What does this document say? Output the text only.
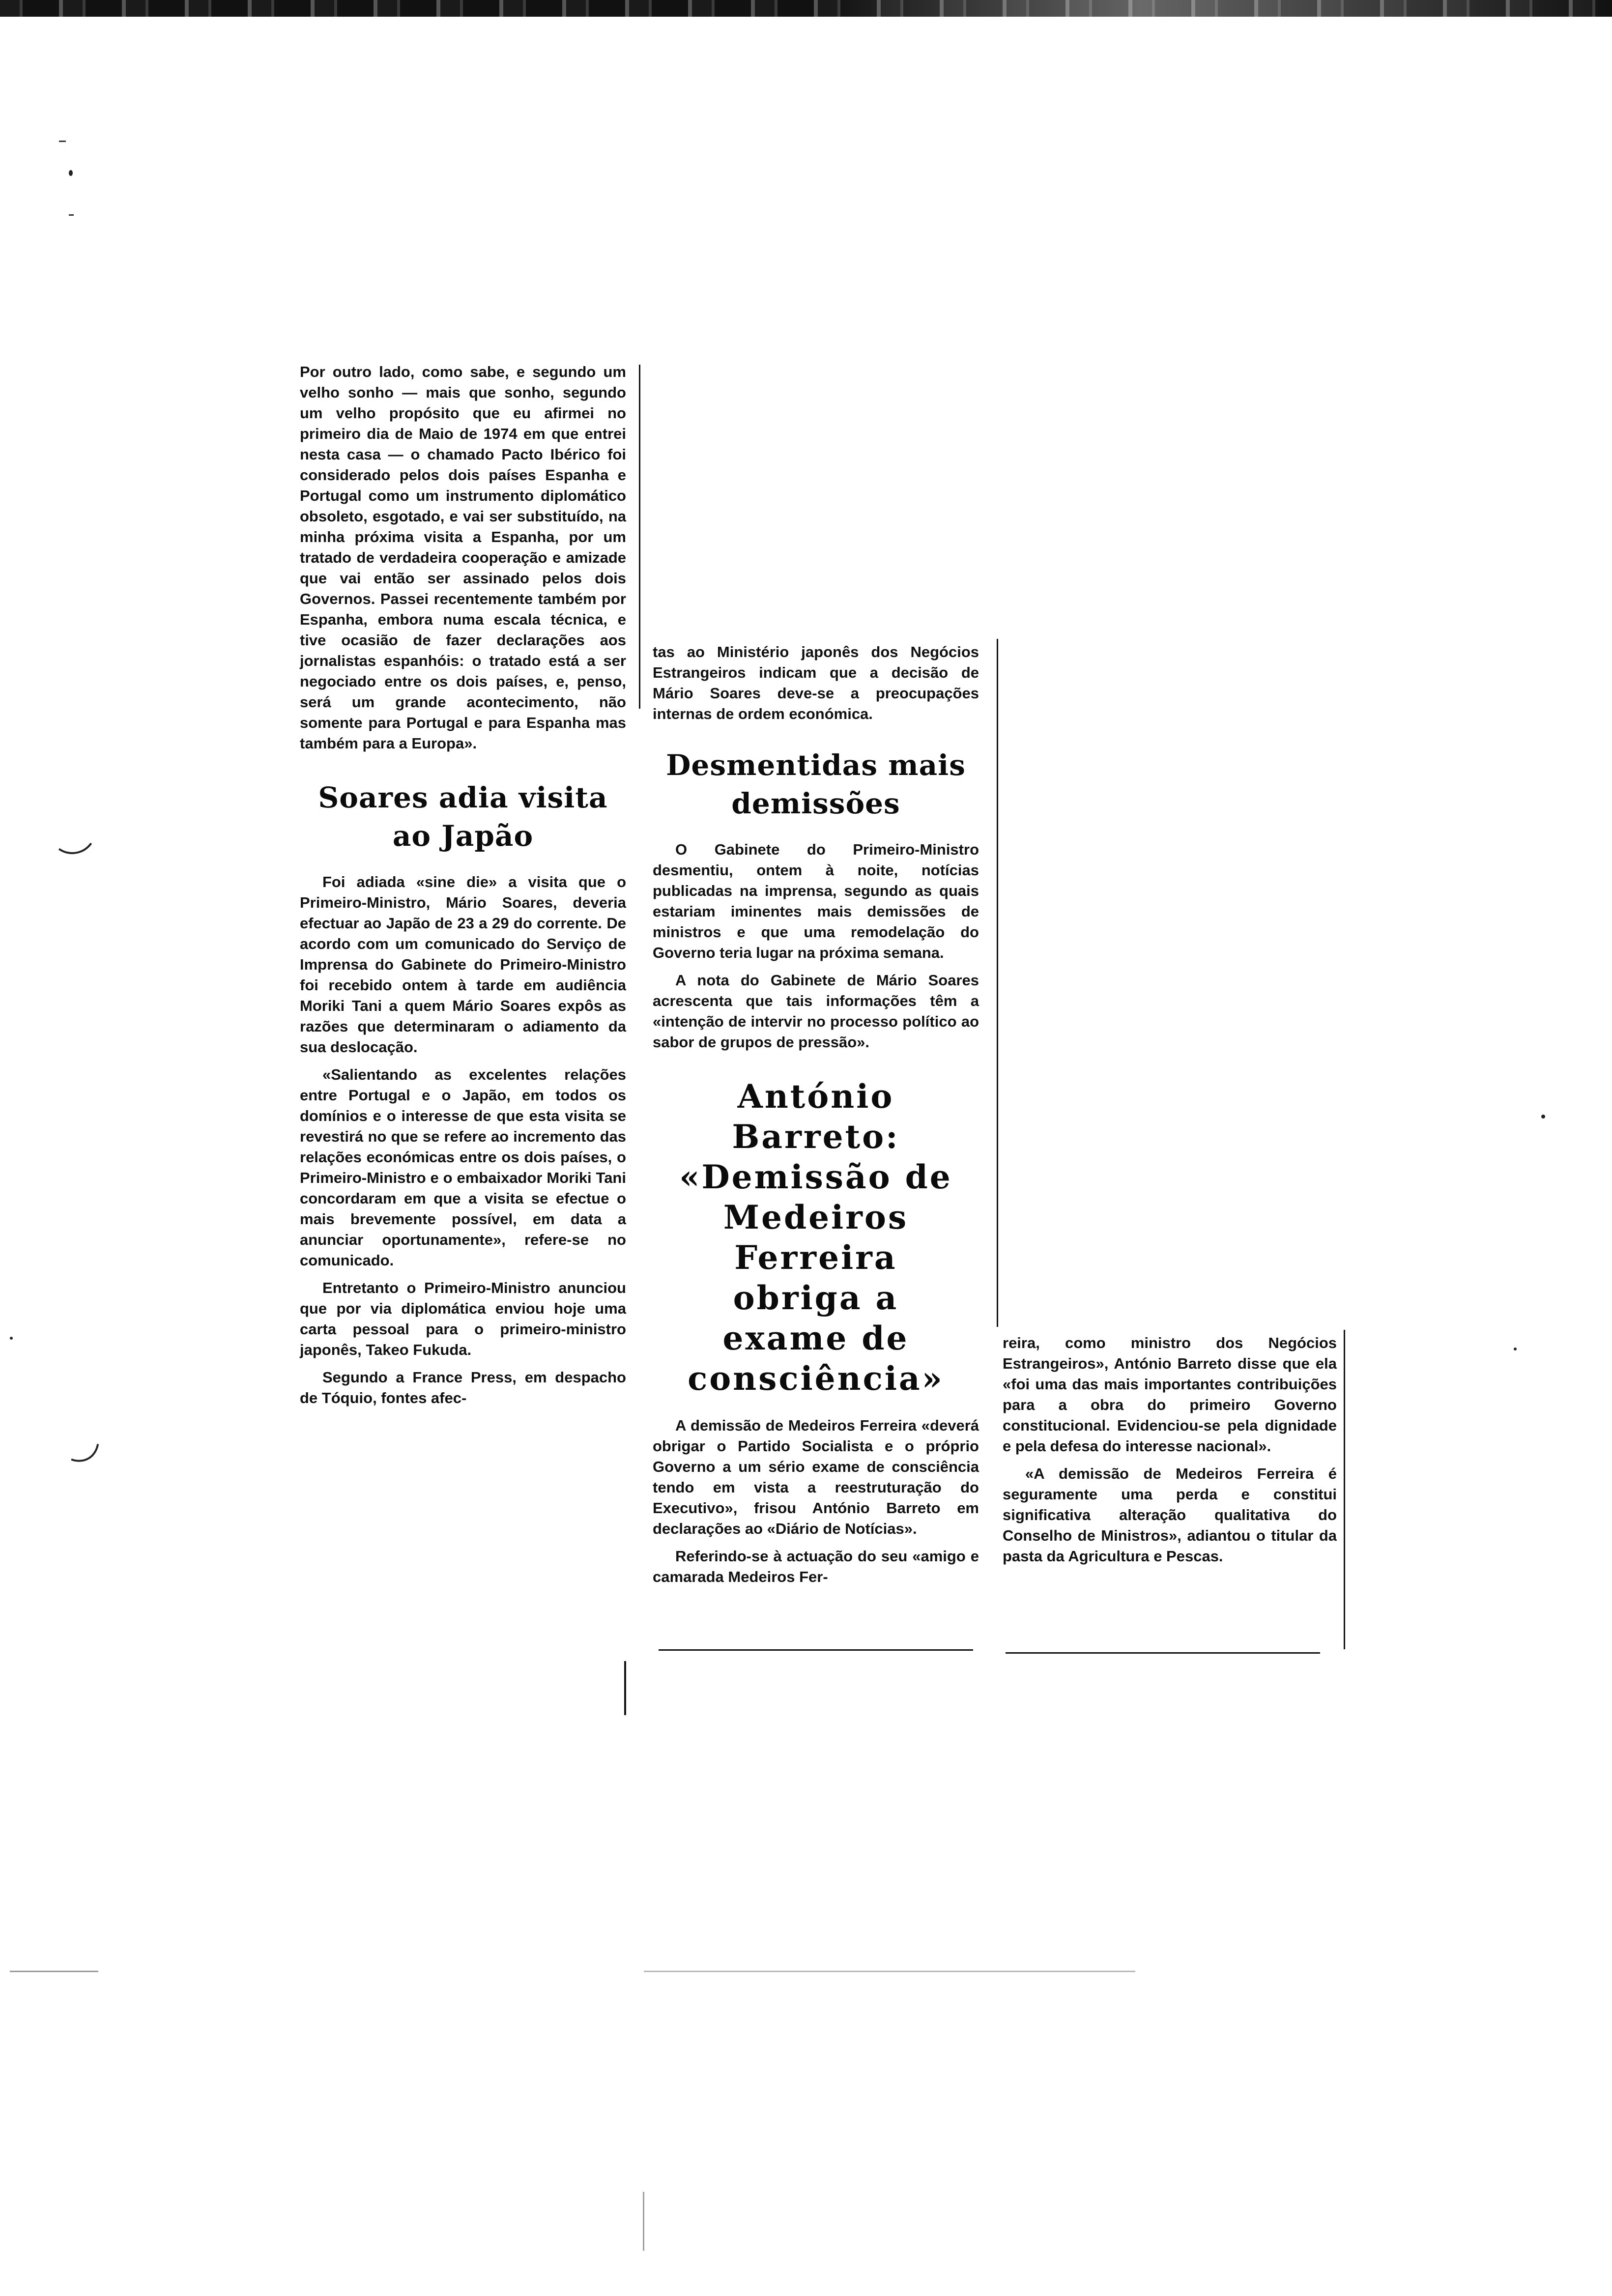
Por outro lado, como sabe, e segundo um velho sonho — mais que sonho, segundo um velho propósito que eu afirmei no primeiro dia de Maio de 1974 em que entrei nesta casa — o chamado Pacto Ibérico foi considerado pelos dois países Espanha e Portugal como um instrumento diplomático obsoleto, esgotado, e vai ser substituído, na minha próxima visita a Espanha, por um tratado de verdadeira cooperação e amizade que vai então ser assinado pelos dois Governos. Passei recentemente também por Espanha, embora numa escala técnica, e tive ocasião de fazer declarações aos jornalistas espanhóis: o tratado está a ser negociado entre os dois países, e, penso, será um grande acontecimento, não somente para Portugal e para Espanha mas também para a Europa».

Soares adia visita ao Japão

Foi adiada «sine die» a visita que o Primeiro-Ministro, Mário Soares, deveria efectuar ao Japão de 23 a 29 do corrente. De acordo com um comunicado do Serviço de Imprensa do Gabinete do Primeiro-Ministro foi recebido ontem à tarde em audiência Moriki Tani a quem Mário Soares expôs as razões que determinaram o adiamento da sua deslocação.

«Salientando as excelentes relações entre Portugal e o Japão, em todos os domínios e o interesse de que esta visita se revestirá no que se refere ao incremento das relações económicas entre os dois países, o Primeiro-Ministro e o embaixador Moriki Tani concordaram em que a visita se efectue o mais brevemente possível, em data a anunciar oportunamente», refere-se no comunicado.

Entretanto o Primeiro-Ministro anunciou que por via diplomática enviou hoje uma carta pessoal para o primeiro-ministro japonês, Takeo Fukuda.

Segundo a France Press, em despacho de Tóquio, fontes afec-

tas ao Ministério japonês dos Negócios Estrangeiros indicam que a decisão de Mário Soares deve-se a preocupações internas de ordem económica.

Desmentidas mais demissões

O Gabinete do Primeiro-Ministro desmentiu, ontem à noite, notícias publicadas na imprensa, segundo as quais estariam iminentes mais demissões de ministros e que uma remodelação do Governo teria lugar na próxima semana.

A nota do Gabinete de Mário Soares acrescenta que tais informações têm a «intenção de intervir no processo político ao sabor de grupos de pressão».

António Barreto: «Demissão de Medeiros Ferreira obriga a exame de consciência»

A demissão de Medeiros Ferreira «deverá obrigar o Partido Socialista e o próprio Governo a um sério exame de consciência tendo em vista a reestruturação do Executivo», frisou António Barreto em declarações ao «Diário de Notícias».

Referindo-se à actuação do seu «amigo e camarada Medeiros Fer-

reira, como ministro dos Negócios Estrangeiros», António Barreto disse que ela «foi uma das mais importantes contribuições para a obra do primeiro Governo constitucional. Evidenciou-se pela dignidade e pela defesa do interesse nacional».

«A demissão de Medeiros Ferreira é seguramente uma perda e constitui significativa alteração qualitativa do Conselho de Ministros», adiantou o titular da pasta da Agricultura e Pescas.
